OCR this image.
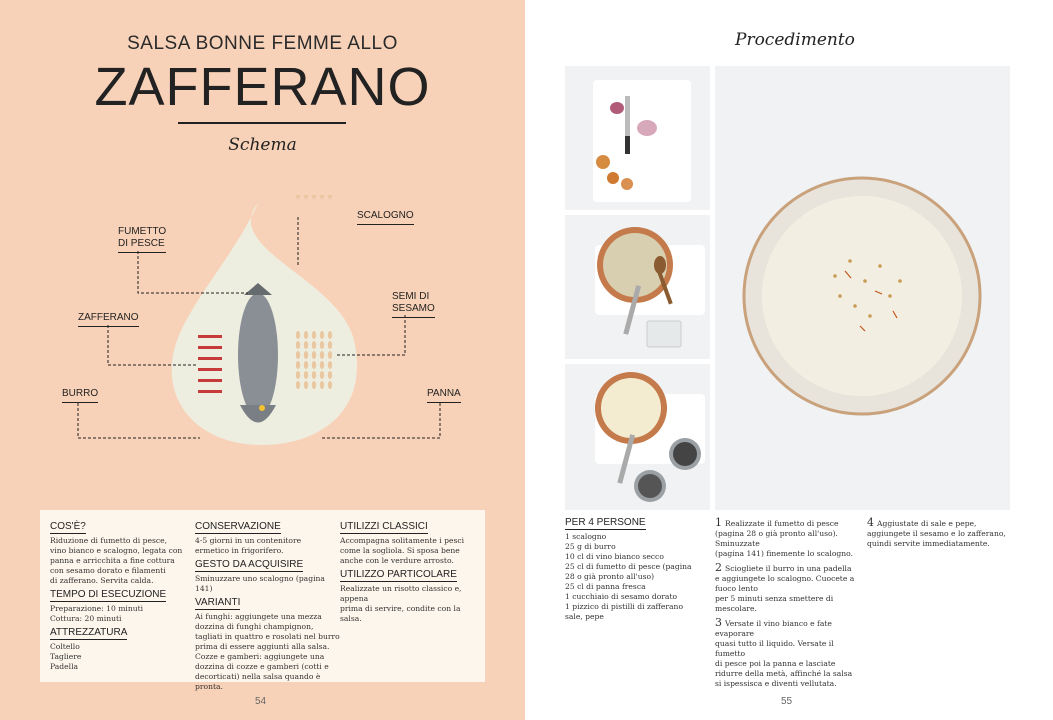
SALSA BONNE FEMME ALLO
ZAFFERANO
Schema
FUMETTO
DI PESCE
SCALOGNO
ZAFFERANO
SEMI DI
SESAMO
BURRO	PANNA
COS'È?
Riduzione di fumetto di pesce,
vino bianco e scalogno, legata con
panna e arricchita a fine cottura
con sesamo dorato e filamenti
di zafferano. Servita calda.
TEMPO DI ESECUZIONE
Preparazione: 10 minuti
Cottura: 20 minuti
ATTREZZATURA
Coltello
Tagliere
Padella
CONSERVAZIONE
4-5 giorni in un contenitore
ermetico in frigorifero.
GESTO DA ACQUISIRE
Sminuzzare uno scalogno (pagina 141)
VARIANTI
Ai funghi: aggiungete una mezza
dozzina di funghi champignon,
tagliati in quattro e rosolati nel burro
prima di essere aggiunti alla salsa.
Cozze e gamberi: aggiungete una
dozzina di cozze e gamberi (cotti e
decorticati) nella salsa quando è pronta.
UTILIZZI CLASSICI
Accompagna solitamente i pesci
come la sogliola. Si sposa bene
anche con le verdure arrosto.
UTILIZZO PARTICOLARE
Realizzate un risotto classico e, appena
prima di servire, condite con la salsa.
54
Procedimento
PER 4 PERSONE
1 scalogno
25 g di burro
10 cl di vino bianco secco
25 cl di fumetto di pesce (pagina
28 o già pronto all'uso)
25 cl di panna fresca
1 cucchiaio di sesamo dorato
1 pizzico di pistilli di zafferano
sale, pepe
1 Realizzate il fumetto di pesce
(pagina 28 o già pronto all'uso). Sminuzzate
(pagina 141) finemente lo scalogno.
2 Sciogliete il burro in una padella
e aggiungete lo scalogno. Cuocete a fuoco lento
per 5 minuti senza smettere di mescolare.
3 Versate il vino bianco e fate evaporare
quasi tutto il liquido. Versate il fumetto
di pesce poi la panna e lasciate
ridurre della metà, affinché la salsa
si ispessisca e diventi vellutata.
4 Aggiustate di sale e pepe,
aggiungete il sesamo e lo zafferano,
quindi servite immediatamente.
55
